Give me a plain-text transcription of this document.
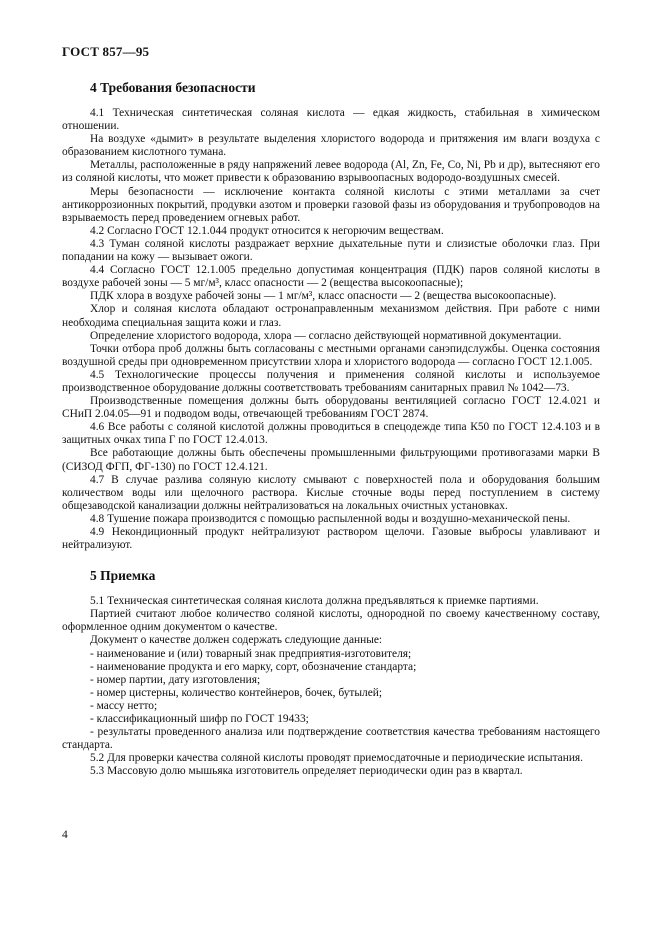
ГОСТ 857—95
4 Требования безопасности

4.1 Техническая синтетическая соляная кислота — едкая жидкость, стабильная в химическом отношении.

На воздухе «дымит» в результате выделения хлористого водорода и притяжения им влаги воздуха с образованием кислотного тумана.

Металлы, расположенные в ряду напряжений левее водорода (Al, Zn, Fe, Co, Ni, Pb и др), вытесняют его из соляной кислоты, что может привести к образованию взрывоопасных водородо-воздушных смесей.

Меры безопасности — исключение контакта соляной кислоты с этими металлами за счет антикоррозионных покрытий, продувки азотом и проверки газовой фазы из оборудования и трубопроводов на взрываемость перед проведением огневых работ.

4.2 Согласно ГОСТ 12.1.044 продукт относится к негорючим веществам.

4.3 Туман соляной кислоты раздражает верхние дыхательные пути и слизистые оболочки глаз. При попадании на кожу — вызывает ожоги.

4.4 Согласно ГОСТ 12.1.005 предельно допустимая концентрация (ПДК) паров соляной кислоты в воздухе рабочей зоны — 5 мг/м³, класс опасности — 2 (вещества высокоопасные);

ПДК хлора в воздухе рабочей зоны — 1 мг/м³, класс опасности — 2 (вещества высокоопасные).

Хлор и соляная кислота обладают остронаправленным механизмом действия. При работе с ними необходима специальная защита кожи и глаз.

Определение хлористого водорода, хлора — согласно действующей нормативной документации.

Точки отбора проб должны быть согласованы с местными органами санэпидслужбы. Оценка состояния воздушной среды при одновременном присутствии хлора и хлористого водорода — согласно ГОСТ 12.1.005.

4.5 Технологические процессы получения и применения соляной кислоты и используемое производственное оборудование должны соответствовать требованиям санитарных правил № 1042—73.

Производственные помещения должны быть оборудованы вентиляцией согласно ГОСТ 12.4.021 и СНиП 2.04.05—91 и подводом воды, отвечающей требованиям ГОСТ 2874.

4.6 Все работы с соляной кислотой должны проводиться в спецодежде типа К50 по ГОСТ 12.4.103 и в защитных очках типа Г по ГОСТ 12.4.013.

Все работающие должны быть обеспечены промышленными фильтрующими противогазами марки В (СИЗОД ФГП, ФГ-130) по ГОСТ 12.4.121.

4.7 В случае разлива соляную кислоту смывают с поверхностей пола и оборудования большим количеством воды или щелочного раствора. Кислые сточные воды перед поступлением в систему общезаводской канализации должны нейтрализоваться на локальных очистных установках.

4.8 Тушение пожара производится с помощью распыленной воды и воздушно-механической пены.

4.9 Некондиционный продукт нейтрализуют раствором щелочи. Газовые выбросы улавливают и нейтрализуют.

5 Приемка

5.1 Техническая синтетическая соляная кислота должна предъявляться к приемке партиями.

Партией считают любое количество соляной кислоты, однородной по своему качественному составу, оформленное одним документом о качестве.

Документ о качестве должен содержать следующие данные:

- наименование и (или) товарный знак предприятия-изготовителя;

- наименование продукта и его марку, сорт, обозначение стандарта;

- номер партии, дату изготовления;

- номер цистерны, количество контейнеров, бочек, бутылей;

- массу нетто;

- классификационный шифр по ГОСТ 19433;

- результаты проведенного анализа или подтверждение соответствия качества требованиям настоящего стандарта.

5.2 Для проверки качества соляной кислоты проводят приемосдаточные и периодические испытания.

5.3 Массовую долю мышьяка изготовитель определяет периодически один раз в квартал.

4
